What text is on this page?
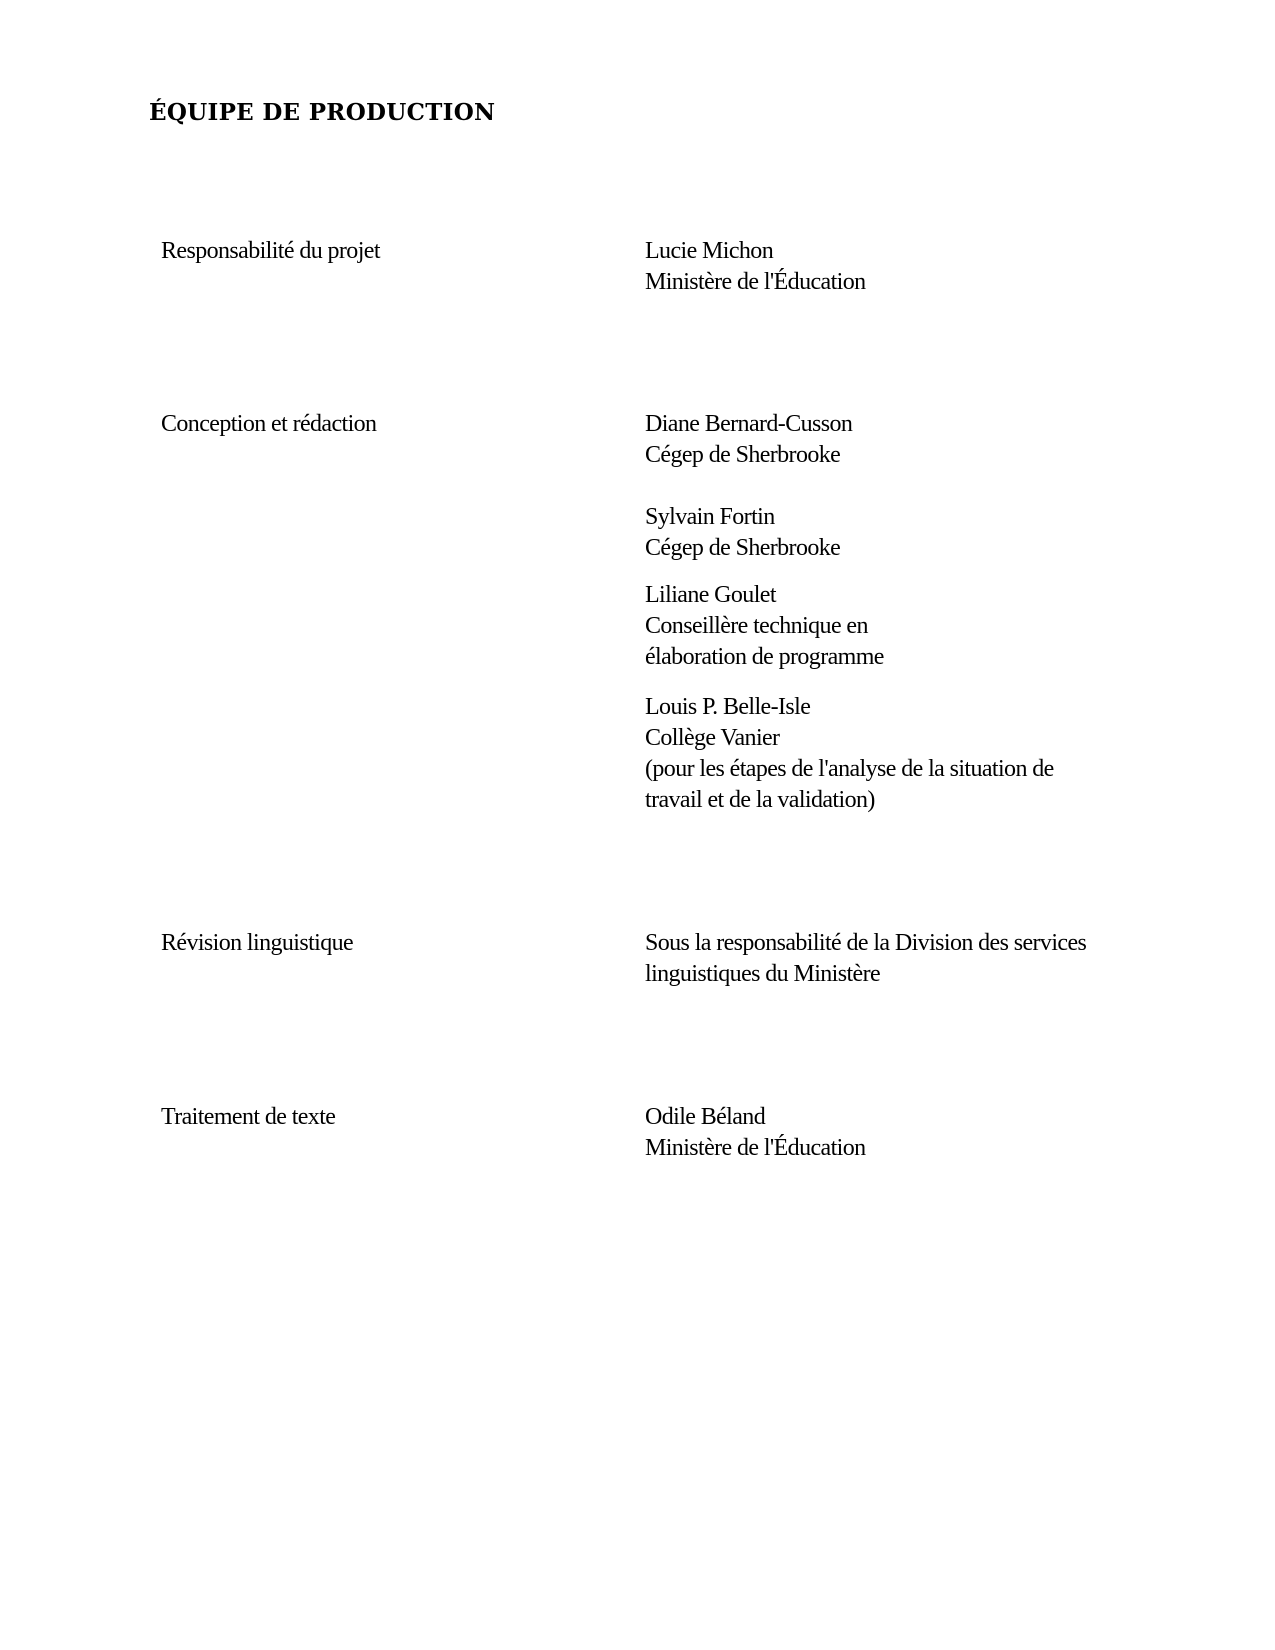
ÉQUIPE DE PRODUCTION
Responsabilité du projet	Lucie Michon
Ministère de l'Éducation
Conception et rédaction	Diane Bernard-Cusson
Cégep de Sherbrooke
Sylvain Fortin
Cégep de Sherbrooke
Liliane Goulet
Conseillère technique en
élaboration de programme
Louis P. Belle-Isle
Collège Vanier
(pour les étapes de l'analyse de la situation de
travail et de la validation)
Révision linguistique	Sous la responsabilité de la Division des services
linguistiques du Ministère
Traitement de texte	Odile Béland
Ministère de l'Éducation
